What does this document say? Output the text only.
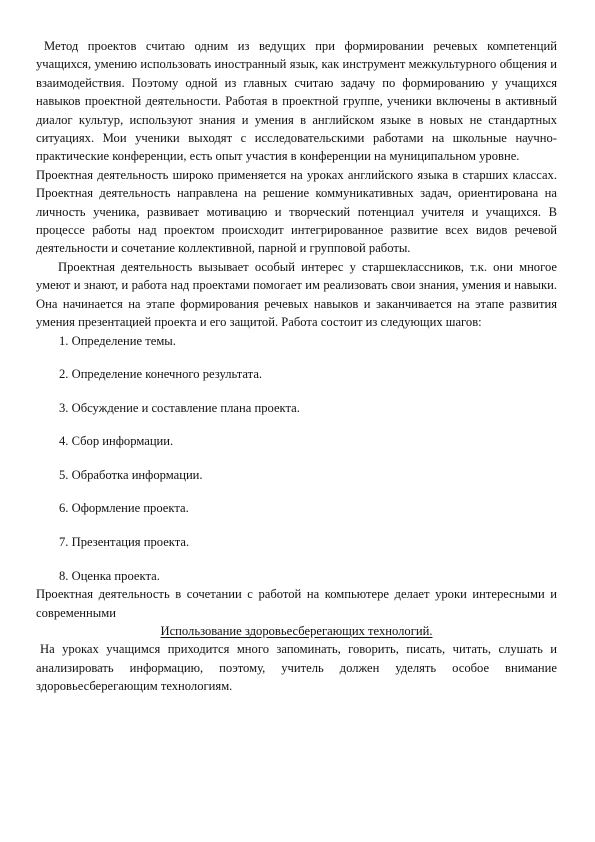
Метод проектов считаю одним из ведущих при формировании речевых компетенций учащихся, умению использовать иностранный язык, как инструмент межкультурного общения и взаимодействия. Поэтому одной из главных считаю задачу по формированию у учащихся навыков проектной деятельности. Работая в проектной группе, ученики включены в активный диалог культур, используют знания и умения в английском языке в новых не стандартных ситуациях. Мои ученики выходят с исследовательскими работами на школьные научно-практические конференции, есть опыт участия в конференции на муниципальном уровне.

Проектная деятельность широко применяется на уроках английского языка в старших классах. Проектная деятельность направлена на решение коммуникативных задач, ориентирована на личность ученика, развивает мотивацию и творческий потенциал учителя и учащихся. В процессе работы над проектом происходит интегрированное развитие всех видов речевой деятельности и сочетание коллективной, парной и групповой работы.

Проектная деятельность вызывает особый интерес у старшеклассников, т.к. они многое умеют и знают, и работа над проектами помогает им реализовать свои знания, умения и навыки. Она начинается на этапе формирования речевых навыков и заканчивается на этапе развития умения презентацией проекта и его защитой. Работа состоит из следующих шагов:

1. Определение темы.
2. Определение конечного результата.
3. Обсуждение и составление плана проекта.
4. Сбор информации.
5. Обработка информации.
6. Оформление проекта.
7. Презентация проекта.
8. Оценка проекта.

Проектная деятельность в сочетании с работой на компьютере делает уроки интересными и современными

Использование здоровьесберегающих технологий.

На уроках учащимся приходится много запоминать, говорить, писать, читать, слушать и анализировать информацию, поэтому, учитель должен уделять особое внимание здоровьесберегающим технологиям.
